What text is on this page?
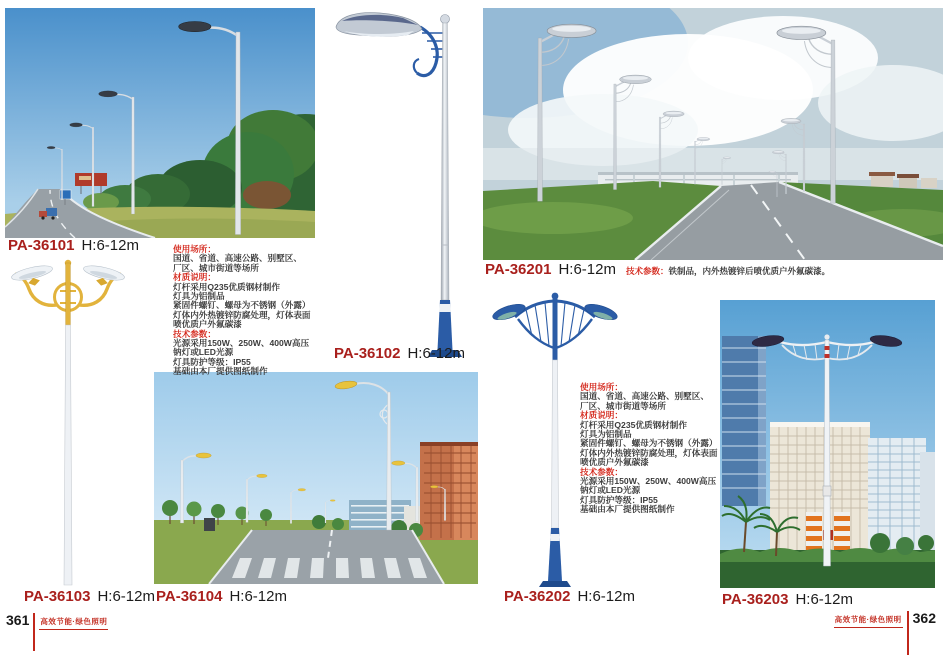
PA-36101 H:6-12m
PA-36102 H:6-12m
PA-36201 H:6-12m 技术参数：铁制品，内外热镀锌后喷优质户外氟碳漆。
PA-36103 H:6-12m PA-36104 H:6-12m	PA-36202 H:6-12m	PA-36203 H:6-12m
使用场所：
国道、省道、高速公路、别墅区、
厂区、城市街道等场所
材质说明：
灯杆采用Q235优质钢材制作
灯具为铝制品
紧固件螺钉、螺母为不锈钢（外露）
灯体内外热镀锌防腐处理，灯体表面
喷优质户外氟碳漆
技术参数：
光源采用150W、250W、400W高压
钠灯或LED光源
灯具防护等级：IP55
基础由本厂提供图纸制作
使用场所：
国道、省道、高速公路、别墅区、
厂区、城市街道等场所
材质说明：
灯杆采用Q235优质钢材制作
灯具为铝制品
紧固件螺钉、螺母为不锈钢（外露）
灯体内外热镀锌防腐处理，灯体表面
喷优质户外氟碳漆
技术参数：
光源采用150W、250W、400W高压
钠灯或LED光源
灯具防护等级：IP55
基础由本厂提供图纸制作
361 高效节能·绿色照明	高效节能·绿色照明 362
